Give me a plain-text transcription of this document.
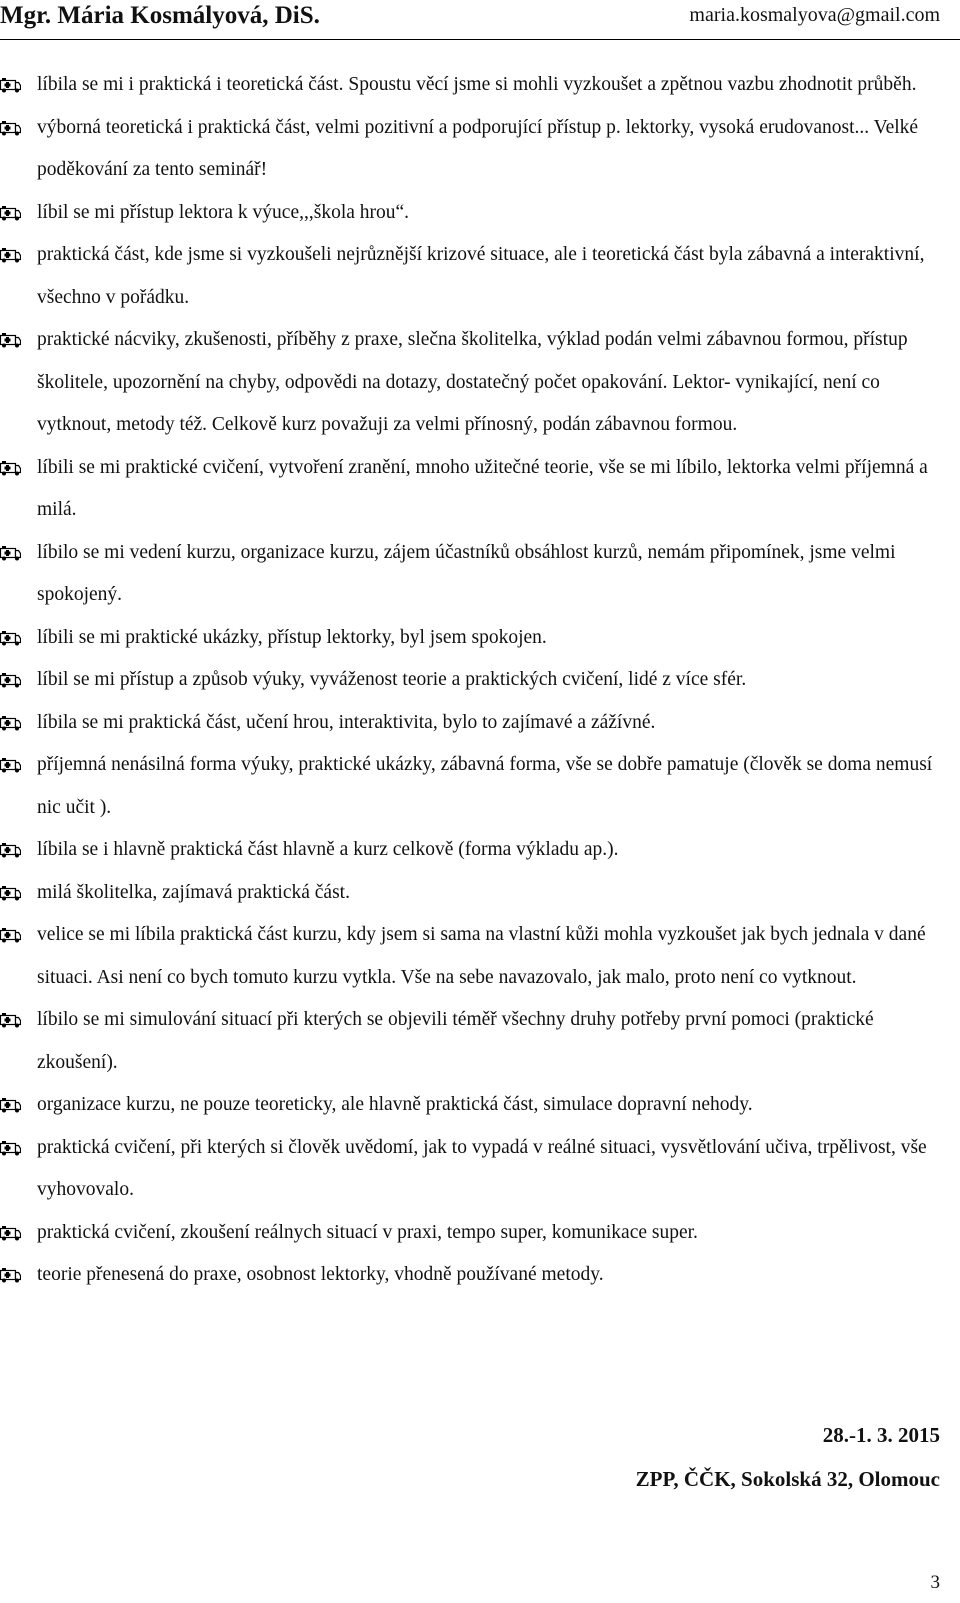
Mgr. Mária Kosmályová, DiS.	maria.kosmalyova@gmail.com
líbila se mi i praktická i teoretická část. Spoustu věcí jsme si mohli vyzkoušet a zpětnou vazbu zhodnotit průběh.
výborná teoretická i praktická část, velmi pozitivní a podporující přístup p. lektorky, vysoká erudovanost... Velké poděkování za tento seminář!
líbil se mi přístup lektora k výuce,,,škola hrou“.
praktická část, kde jsme si vyzkoušeli nejrůznější krizové situace, ale i teoretická část byla zábavná a interaktivní, všechno v pořádku.
praktické nácviky, zkušenosti, příběhy z praxe, slečna školitelka, výklad podán velmi zábavnou formou, přístup školitele, upozornění na chyby, odpovědi na dotazy, dostatečný počet opakování. Lektor- vynikající, není co vytknout, metody též. Celkově kurz považuji za velmi přínosný, podán zábavnou formou.
líbili se mi praktické cvičení, vytvoření zranění, mnoho užitečné teorie, vše se mi líbilo, lektorka velmi příjemná a milá.
líbilo se mi vedení kurzu, organizace kurzu, zájem účastníků obsáhlost kurzů, nemám připomínek, jsme velmi spokojený.
líbili se mi praktické ukázky, přístup lektorky, byl jsem spokojen.
líbil se mi přístup a způsob výuky, vyváženost teorie a praktických cvičení, lidé z více sfér.
líbila se mi praktická část, učení hrou, interaktivita, bylo to zajímavé a zážívné.
příjemná nenásilná forma výuky, praktické ukázky, zábavná forma, vše se dobře pamatuje (člověk se doma nemusí nic učit ).
líbila se i hlavně praktická část hlavně a kurz celkově (forma výkladu ap.).
milá školitelka, zajímavá praktická část.
velice se mi líbila praktická část kurzu, kdy jsem si sama na vlastní kůži mohla vyzkoušet jak bych jednala v dané situaci. Asi není co bych tomuto kurzu vytkla. Vše na sebe navazovalo, jak malo, proto není co vytknout.
líbilo se mi simulování situací při kterých se objevili téměř všechny druhy potřeby první pomoci (praktické zkoušení).
organizace kurzu, ne pouze teoreticky, ale hlavně praktická část, simulace dopravní nehody.
praktická cvičení, při kterých si člověk uvědomí, jak to vypadá v reálné situaci, vysvětlování učiva, trpělivost, vše vyhovovalo.
praktická cvičení, zkoušení reálnych situací v praxi, tempo super, komunikace super.
teorie přenesená do praxe, osobnost lektorky, vhodně používané metody.
28.-1. 3. 2015
ZPP, ČČK, Sokolská 32, Olomouc
3
